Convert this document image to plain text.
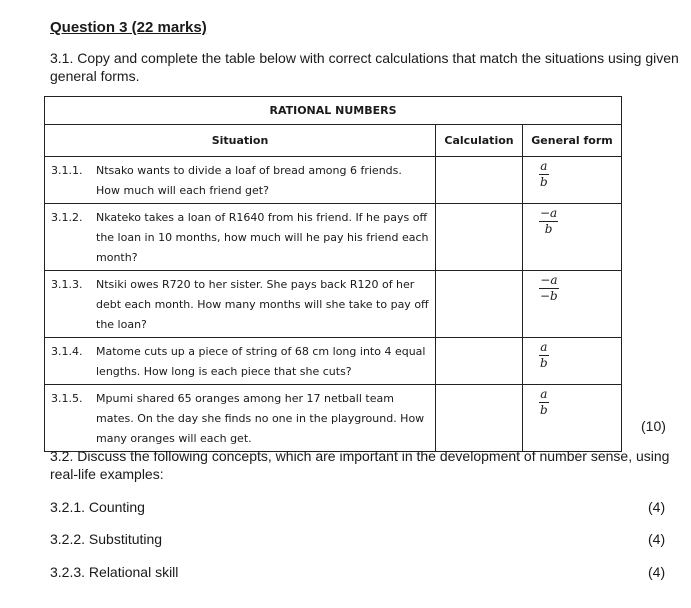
Question 3 (22 marks)
3.1. Copy and complete the table below with correct calculations that match the situations using given general forms.
RATIONAL NUMBERS		
Situation	Calculation	General form

3.1.1. Ntsako wants to divide a loaf of bread among 6 friends. How much will each friend get?		$\frac{a}{b}$

3.1.2. Nkateko takes a loan of R1640 from his friend. If he pays off the loan in 10 months, how much will he pay his friend each month?		$\frac{-a}{b}$

3.1.3. Ntsiki owes R720 to her sister. She pays back R120 of her debt each month. How many months will she take to pay off the loan?		$\frac{-a}{-b}$

3.1.4. Matome cuts up a piece of string of 68 cm long into 4 equal lengths. How long is each piece that she cuts?		$\frac{a}{b}$

3.1.5. Mpumi shared 65 oranges among her 17 netball team mates. On the day she finds no one in the playground. How many oranges will each get.		$\frac{a}{b}$
(10)
3.2. Discuss the following concepts, which are important in the development of number sense, using real-life examples:
3.2.1. Counting	(4)
3.2.2. Substituting	(4)
3.2.3. Relational skill	(4)
